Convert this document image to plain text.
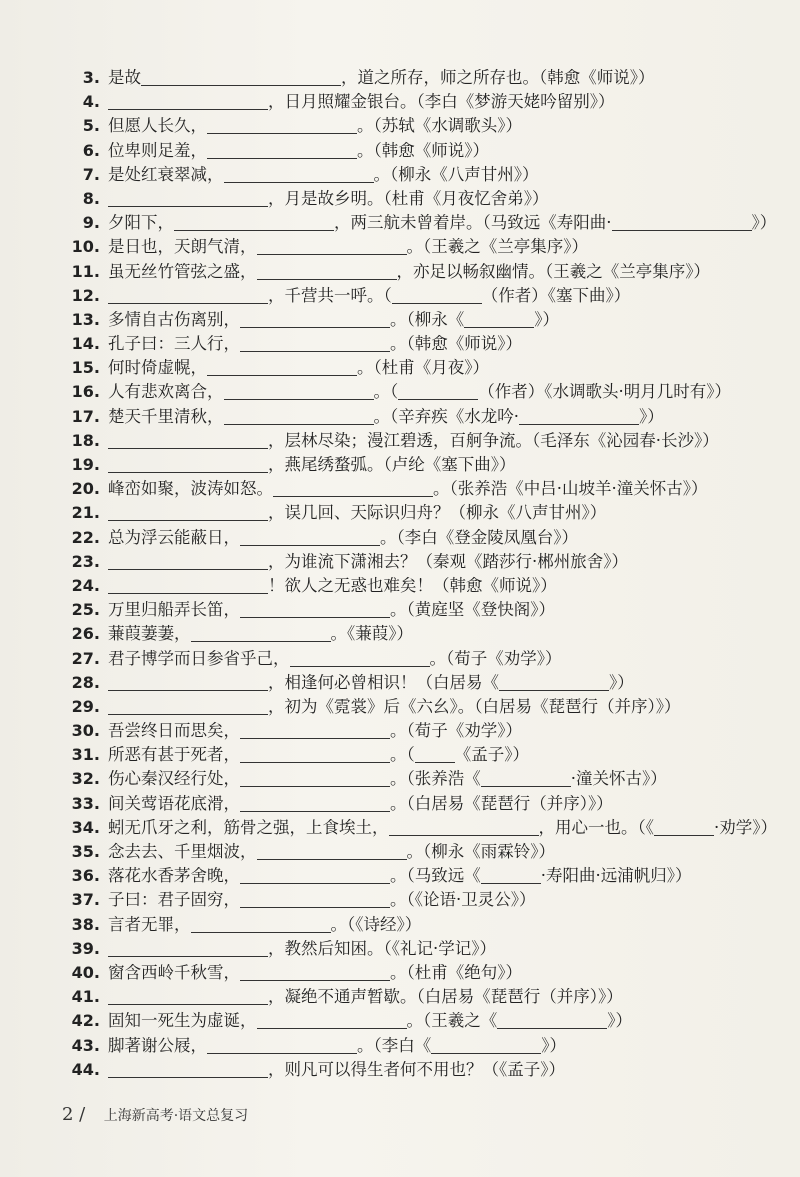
3. 是故	，道之所存，师之所存也。（韩愈《师说》）
4.	，日月照耀金银台。（李白《梦游天姥吟留别》）
5. 但愿人长久，	。（苏轼《水调歌头》）
6. 位卑则足羞，	。（韩愈《师说》）
7. 是处红衰翠减，	。（柳永《八声甘州》）
8.	，月是故乡明。（杜甫《月夜忆舍弟》）
9. 夕阳下，	，两三航未曾着岸。（马致远《寿阳曲·	》）
10. 是日也，天朗气清，	。（王羲之《兰亭集序》）
11. 虽无丝竹管弦之盛，	，亦足以畅叙幽情。（王羲之《兰亭集序》）
12.	，千营共一呼。（	（作者）《塞下曲》）
13. 多情自古伤离别，	。（柳永《	》）
14. 孔子曰：三人行，	。（韩愈《师说》）
15. 何时倚虚幌，	。（杜甫《月夜》）
16. 人有悲欢离合，	。（	（作者）《水调歌头·明月几时有》）
17. 楚天千里清秋，	。（辛弃疾《水龙吟·	》）
18.	，层林尽染；漫江碧透，百舸争流。（毛泽东《沁园春·长沙》）
19.	，燕尾绣蝥弧。（卢纶《塞下曲》）
20. 峰峦如聚，波涛如怒。	。（张养浩《中吕·山坡羊·潼关怀古》）
21.	，误几回、天际识归舟？（柳永《八声甘州》）
22. 总为浮云能蔽日，	。（李白《登金陵凤凰台》）
23.	，为谁流下潇湘去？（秦观《踏莎行·郴州旅舍》）
24.	！欲人之无惑也难矣！（韩愈《师说》）
25. 万里归船弄长笛，	。（黄庭坚《登快阁》）
26. 蒹葭萋萋，	。《蒹葭》）
27. 君子博学而日参省乎己，	。（荀子《劝学》）
28.	，相逢何必曾相识！（白居易《	》）
29.	，初为《霓裳》后《六幺》。（白居易《琵琶行（并序）》）
30. 吾尝终日而思矣，	。（荀子《劝学》）
31. 所恶有甚于死者，	。（ 《孟子》）
32. 伤心秦汉经行处，	。（张养浩《	·潼关怀古》）
33. 间关莺语花底滑，	。（白居易《琵琶行（并序）》）
34. 蚓无爪牙之利，筋骨之强，上食埃土，	，用心一也。（《	·劝学》）
35. 念去去、千里烟波，	。（柳永《雨霖铃》）
36. 落花水香茅舍晚，	。（马致远《	·寿阳曲·远浦帆归》）
37. 子曰：君子固穷，	。（《论语·卫灵公》）
38. 言者无罪，	。（《诗经》）
39.	，教然后知困。（《礼记·学记》）
40. 窗含西岭千秋雪，	。（杜甫《绝句》）
41.	，凝绝不通声暂歇。（白居易《琵琶行（并序）》）
42. 固知一死生为虚诞，	。（王羲之《	》）
43. 脚著谢公屐，	。（李白《	》）
44.	，则凡可以得生者何不用也？（《孟子》）
2 / 上海新高考·语文总复习
